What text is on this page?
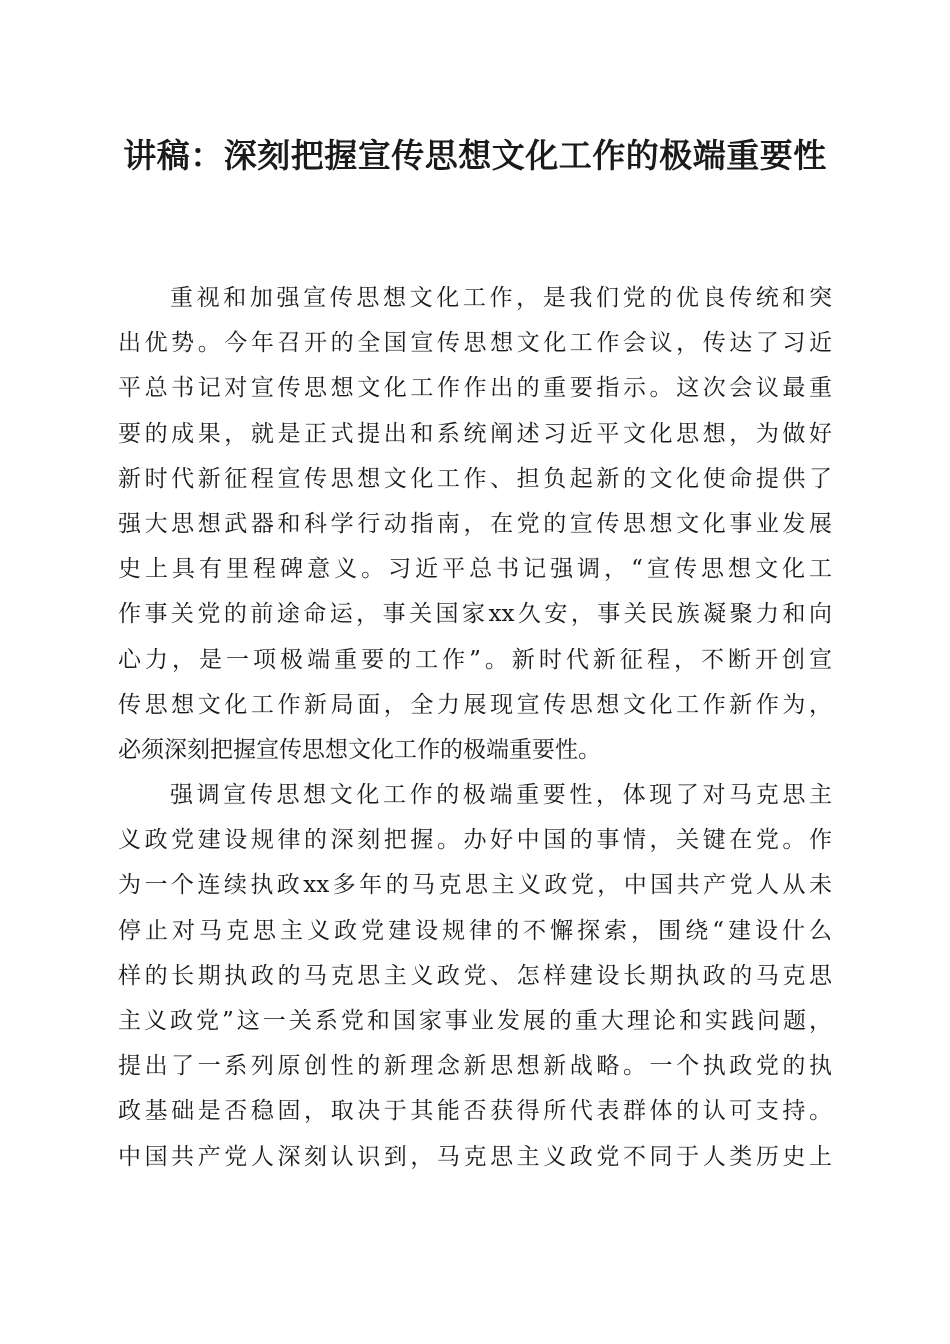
讲稿：深刻把握宣传思想文化工作的极端重要性
重视和加强宣传思想文化工作，是我们党的优良传统和突
出优势。今年召开的全国宣传思想文化工作会议，传达了习近
平总书记对宣传思想文化工作作出的重要指示。这次会议最重
要的成果，就是正式提出和系统阐述习近平文化思想，为做好
新时代新征程宣传思想文化工作、担负起新的文化使命提供了
强大思想武器和科学行动指南，在党的宣传思想文化事业发展
史上具有里程碑意义。习近平总书记强调，“宣传思想文化工
作事关党的前途命运，事关国家xx久安，事关民族凝聚力和向
心力，是一项极端重要的工作”。新时代新征程，不断开创宣
传思想文化工作新局面，全力展现宣传思想文化工作新作为，
必须深刻把握宣传思想文化工作的极端重要性。
强调宣传思想文化工作的极端重要性，体现了对马克思主
义政党建设规律的深刻把握。办好中国的事情，关键在党。作
为一个连续执政xx多年的马克思主义政党，中国共产党人从未
停止对马克思主义政党建设规律的不懈探索，围绕“建设什么
样的长期执政的马克思主义政党、怎样建设长期执政的马克思
主义政党”这一关系党和国家事业发展的重大理论和实践问题，
提出了一系列原创性的新理念新思想新战略。一个执政党的执
政基础是否稳固，取决于其能否获得所代表群体的认可支持。
中国共产党人深刻认识到，马克思主义政党不同于人类历史上
